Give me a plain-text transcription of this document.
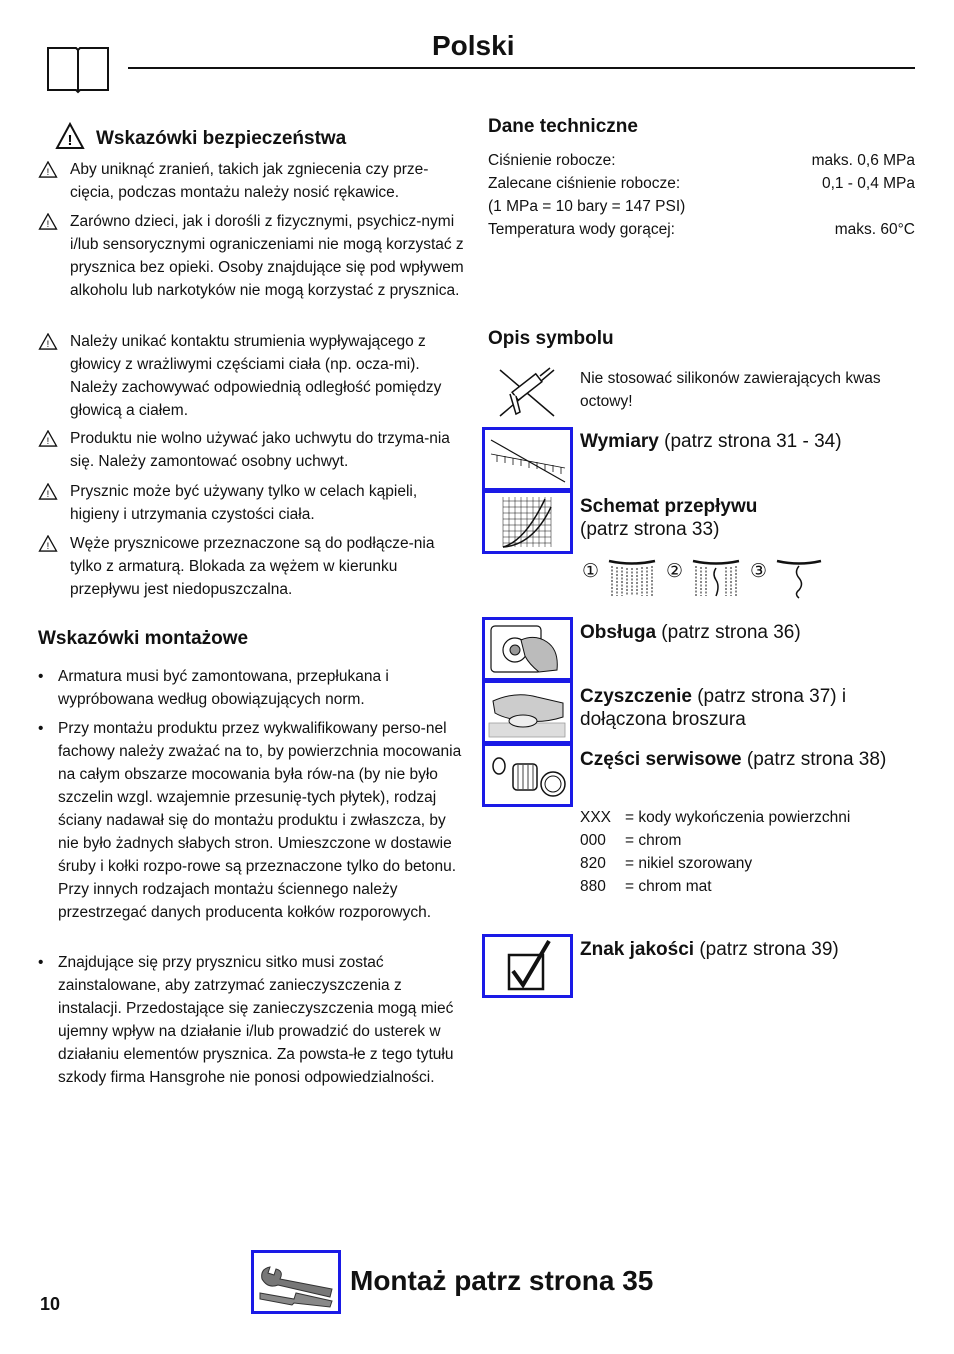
Polski
! Wskazówki bezpieczeństwa
!	Aby uniknąć zranień, takich jak zgniecenia czy prze-cięcia, podczas montażu należy nosić rękawice.
!	Zarówno dzieci, jak i dorośli z fizycznymi, psychicz-nymi i/lub sensorycznymi ograniczeniami nie mogą korzystać z prysznica bez opieki. Osoby znajdujące się pod wpływem alkoholu lub narkotyków nie mogą korzystać z prysznica.
!	Należy unikać kontaktu strumienia wypływającego z głowicy z wrażliwymi częściami ciała (np. ocza-mi). Należy zachowywać odpowiednią odległość pomiędzy głowicą a ciałem.
!	Produktu nie wolno używać jako uchwytu do trzyma-nia się. Należy zamontować osobny uchwyt.
!	Prysznic może być używany tylko w celach kąpieli, higieny i utrzymania czystości ciała.
!	Węże prysznicowe przeznaczone są do podłącze-nia tylko z armaturą. Blokada za wężem w kierunku przepływu jest niedopuszczalna.
Wskazówki montażowe
• Armatura musi być zamontowana, przepłukana i wypróbowana według obowiązujących norm.
• Przy montażu produktu przez wykwalifikowany perso-nel fachowy należy zważać na to, by powierzchnia mocowania na całym obszarze mocowania była rów-na (by nie było szczelin wzgl. wzajemnie przesunię-tych płytek), rodzaj ściany nadawał się do montażu produktu i zwłaszcza, by nie było żadnych słabych stron. Umieszczone w dostawie śruby i kołki rozpo-rowe są przeznaczone tylko do betonu. Przy innych rodzajach montażu ściennego należy przestrzegać danych producenta kołków rozporowych.
• Znajdujące się przy prysznicu sitko musi zostać zainstalowane, aby zatrzymać zanieczyszczenia z instalacji. Przedostające się zanieczyszczenia mogą mieć ujemny wpływ na działanie i/lub prowadzić do usterek w działaniu elementów prysznica. Za powsta-łe z tego tytułu szkody firma Hansgrohe nie ponosi odpowiedzialności.
Dane techniczne
Ciśnienie robocze:	maks. 0,6 MPa
Zalecane ciśnienie robocze:	0,1 - 0,4 MPa
(1 MPa = 10 bary = 147 PSI)
Temperatura wody gorącej:	maks. 60°C
Opis symbolu
Nie stosować silikonów zawierających kwas octowy!
Wymiary (patrz strona 31 - 34)
Schemat przepływu
(patrz strona 33)
①	②	③
Obsługa (patrz strona 36)
Czyszczenie (patrz strona 37) i dołączona broszura
Części serwisowe (patrz strona 38)
XXX = kody wykończenia powierzchni
000	= chrom
820	= nikiel szorowany
880	= chrom mat
Znak jakości (patrz strona 39)
Montaż patrz strona 35
10
